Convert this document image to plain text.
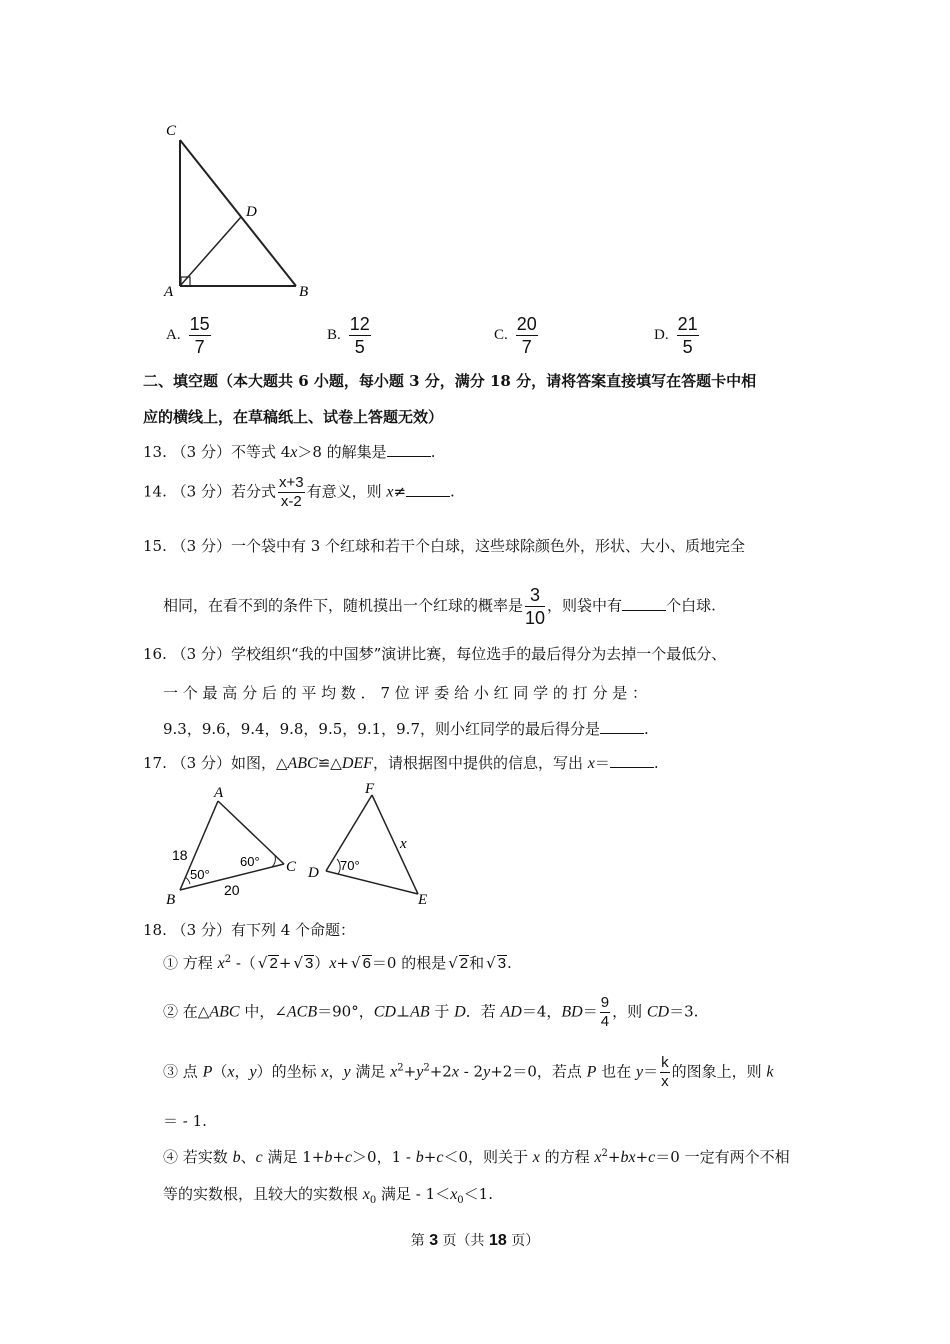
C
D
A	B
A. $\frac{15}{7}$	B. $\frac{12}{5}$	C. $\frac{20}{7}$	D. $\frac{21}{5}$
二、填空题（本大题共 6 小题，每小题 3 分，满分 18 分，请将答案直接填写在答题卡中相
应的横线上，在草稿纸上、试卷上答题无效）
13. （3 分）不等式 4x＞8 的解集是	.
14. （3 分）若分式 $\frac{x+3}{x-2}$ 有意义，则 x≠	.
15. （3 分）一个袋中有 3 个红球和若干个白球，这些球除颜色外，形状、大小、质地完全
相同，在看不到的条件下，随机摸出一个红球的概率是 $\frac{3}{10}$ ，则袋中有	个白球.
16. （3 分）学校组织“我的中国梦”演讲比赛，每位选手的最后得分为去掉一个最低分、
一 个 最 高 分 后 的 平 均 数 ． 7 位 评 委 给 小 红 同 学 的 打 分 是 ：
9.3，9.6，9.4，9.8，9.5，9.1，9.7，则小红同学的最后得分是	.
17. （3 分）如图，△ABC≌△DEF，请根据图中提供的信息，写出 x＝	.
A
B
C
18
20
50°
60°
F
D
E
x
70°
18. （3 分）有下列 4 个命题：
① 方程 $x^2$ -（ √ 2+ √ 3）x+ √ 6＝0 的根是 √ 2和 √ 3.
② 在△ABC 中，∠ACB＝90°，CD⊥AB 于 D．若 AD＝4，$BD= \frac{9}{4}$ ，则 CD＝3.
③ 点 P（x，y）的坐标 x，y 满足 $x^2+y^2+2x - 2y+2=0$，若点 P 也在 $y= \frac{k}{x}$ 的图象上，则 k
＝ - 1.
④ 若实数 b、c 满足 1+b+c＞0，1 - b+c＜0，则关于 x 的方程 $x^2+bx+c=0$ 一定有两个不相
等的实数根，且较大的实数根 $x_0$ 满足 - $1<x_0<1$.
第 3 页（共 18 页）
